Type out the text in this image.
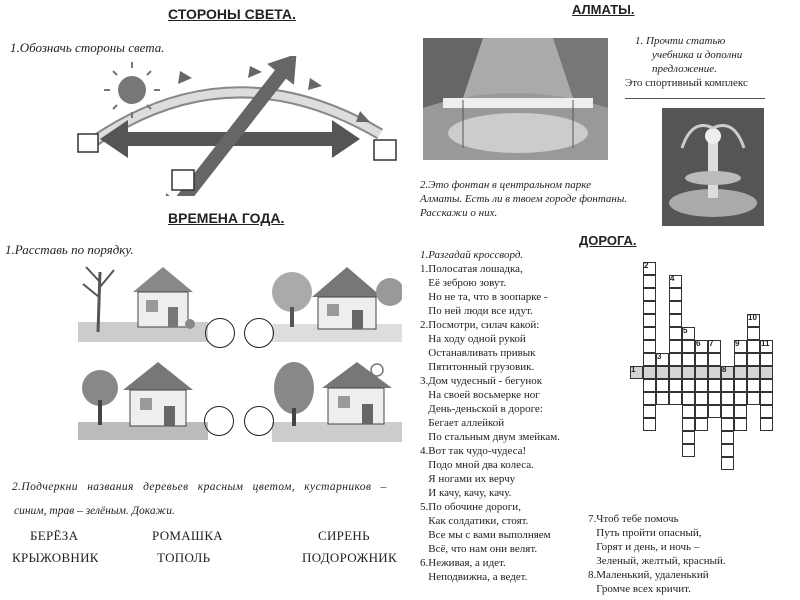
СТОРОНЫ СВЕТА.
1.Обозначь стороны света.
ВРЕМЕНА ГОДА.
1.Расставь по порядку.
2.Подчеркни названия деревьев красным цветом, кустарников –
синим, трав – зелёным. Докажи.
БЕРЁЗА	РОМАШКА	СИРЕНЬ
КРЫЖОВНИК	ТОПОЛЬ	ПОДОРОЖНИК
АЛМАТЫ.
1. Прочти статью
учебника и дополни
предложение.
Это спортивный комплекс
2.Это фонтан в центральном парке
Алматы. Есть ли в твоем городе фонтаны.
Расскажи о них.
ДОРОГА.
1.Разгадай кроссворд.
1.Полосатая лошадка,
Её зеброю зовут.
Но не та, что в зоопарке -
По ней люди все идут.
2.Посмотри, силач какой:
На ходу одной рукой
Останавливать привык
Пятитонный грузовик.
3.Дом чудесный - бегунок
На своей восьмерке ног
День-деньской в дороге:
Бегает аллейкой
По стальным двум змейкам.
4.Вот так чудо-чудеса!
Подо мной два колеса.
Я ногами их верчу
И качу, качу, качу.
5.По обочине дороги,
Как солдатики, стоят.
Все мы с вами выполняем
Всё, что нам они велят.
6.Неживая, а идет.
Неподвижна, а ведет.
7.Чтоб тебе помочь
Путь пройти опасный,
Горят и день, и ночь –
Зеленый, желтый, красный.
8.Маленький, удаленький
Громче всех кричит.
1
2
3
4
5
6 7
8
9
10
11
